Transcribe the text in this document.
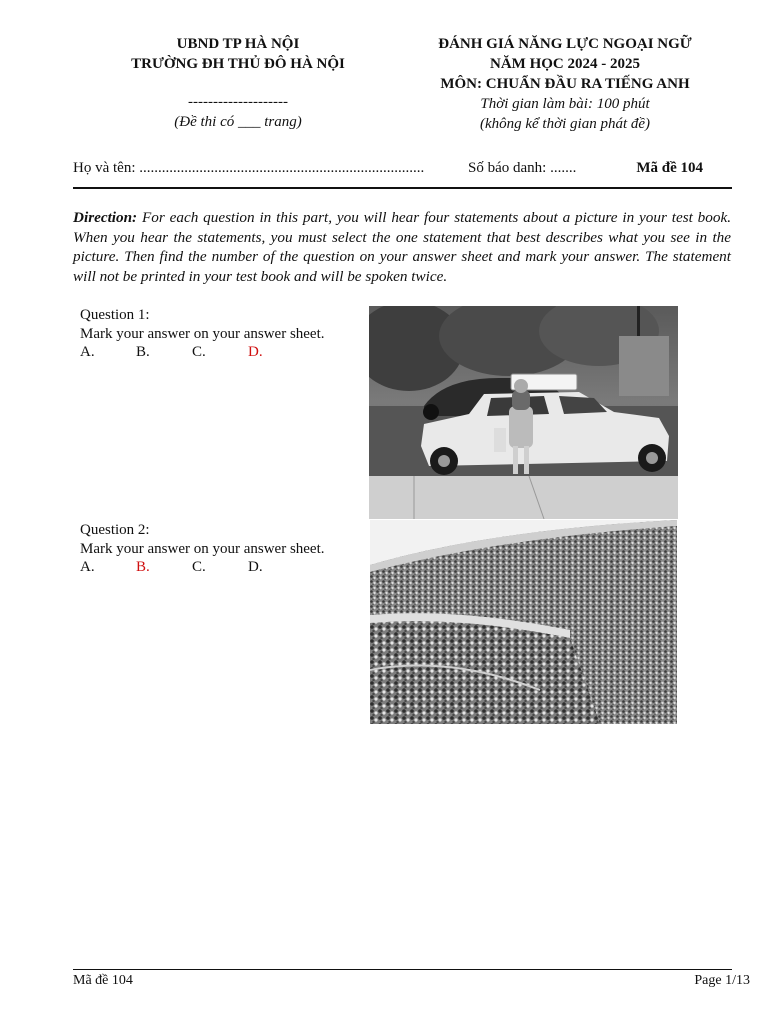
UBND TP HÀ NỘI
TRƯỜNG ĐH THỦ ĐÔ HÀ NỘI
--------------------
(Đề thi có ___ trang)
ĐÁNH GIÁ NĂNG LỰC NGOẠI NGỮ
NĂM HỌC 2024 - 2025
MÔN: CHUẨN ĐẦU RA TIẾNG ANH
Thời gian làm bài: 100 phút
(không kể thời gian phát đề)
Họ và tên: ............................................................................	Số báo danh: .......	Mã đề 104
Direction: For each question in this part, you will hear four statements about a picture in your test book. When you hear the statements, you must select the one statement that best describes what you see in the picture. Then find the number of the question on your answer sheet and mark your answer. The statement will not be printed in your test book and will be spoken twice.
Question 1:
Mark your answer on your answer sheet.
A.	B.	C.	D.
Question 2:
Mark your answer on your answer sheet.
A.	B.	C.	D.
Mã đề 104	Page 1/13
